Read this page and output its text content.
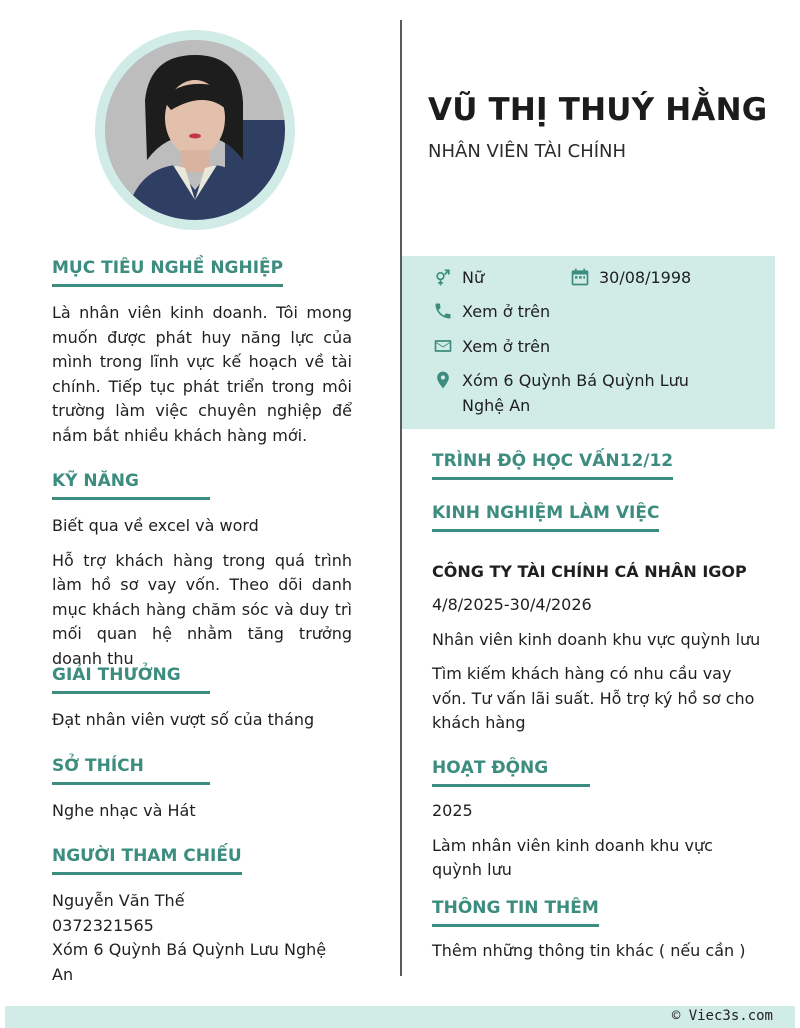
MỤC TIÊU NGHỀ NGHIỆP

Là nhân viên kinh doanh. Tôi mong muốn được phát huy năng lực của mình trong lĩnh vực kế hoạch về tài chính. Tiếp tục phát triển trong môi trường làm việc chuyên nghiệp để nắm bắt nhiều khách hàng mới.

KỸ NĂNG

Biết qua về excel và word

Hỗ trợ khách hàng trong quá trình làm hồ sơ vay vốn. Theo dõi danh mục khách hàng chăm sóc và duy trì mối quan hệ nhằm tăng trưởng doanh thu

GIẢI THƯỞNG

Đạt nhân viên vượt số của tháng

SỞ THÍCH

Nghe nhạc và Hát

NGƯỜI THAM CHIẾU

Nguyễn Văn Thế

0372321565

Xóm 6 Quỳnh Bá Quỳnh Lưu Nghệ An

VŨ THỊ THUÝ HẰNG

NHÂN VIÊN TÀI CHÍNH

Nữ	30/08/1998
Xem ở trên
Xem ở trên
Xóm 6 Quỳnh Bá Quỳnh Lưu Nghệ An
TRÌNH ĐỘ HỌC VẤN12/12
KINH NGHIỆM LÀM VIỆC

CÔNG TY TÀI CHÍNH CÁ NHÂN IGOP

4/8/2025-30/4/2026

Nhân viên kinh doanh khu vực quỳnh lưu

Tìm kiếm khách hàng có nhu cầu vay vốn. Tư vấn lãi suất. Hỗ trợ ký hồ sơ cho khách hàng

HOẠT ĐỘNG

2025

Làm nhân viên kinh doanh khu vực quỳnh lưu

THÔNG TIN THÊM

Thêm những thông tin khác ( nếu cần )

© Viec3s.com
